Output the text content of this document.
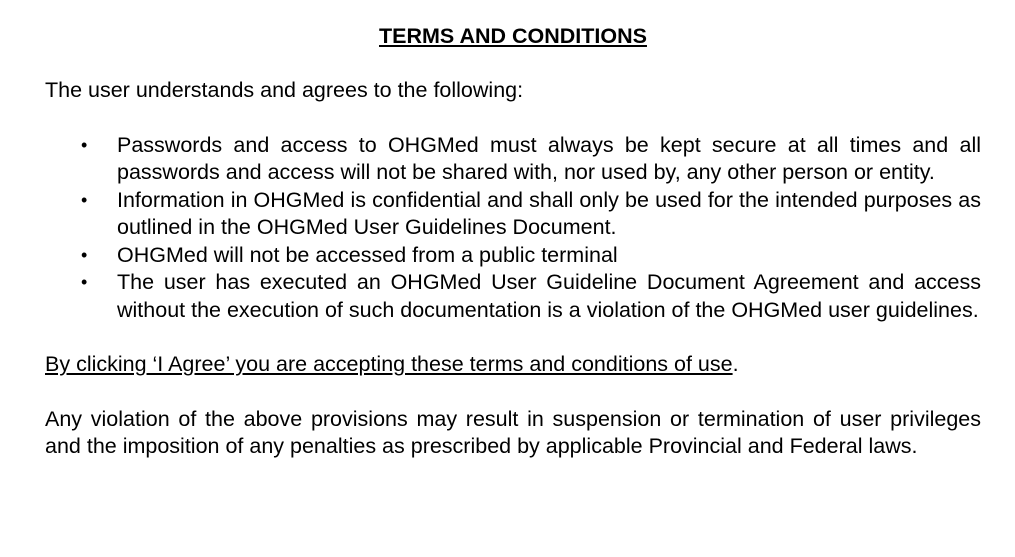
TERMS AND CONDITIONS
The user understands and agrees to the following:
• Passwords and access to OHGMed must always be kept secure at all times and all passwords and access will not be shared with, nor used by, any other person or entity.
• Information in OHGMed is confidential and shall only be used for the intended purposes as outlined in the OHGMed User Guidelines Document.
• OHGMed will not be accessed from a public terminal
• The user has executed an OHGMed User Guideline Document Agreement and access without the execution of such documentation is a violation of the OHGMed user guidelines.
By clicking ‘I Agree’ you are accepting these terms and conditions of use.
Any violation of the above provisions may result in suspension or termination of user privileges and the imposition of any penalties as prescribed by applicable Provincial and Federal laws.
